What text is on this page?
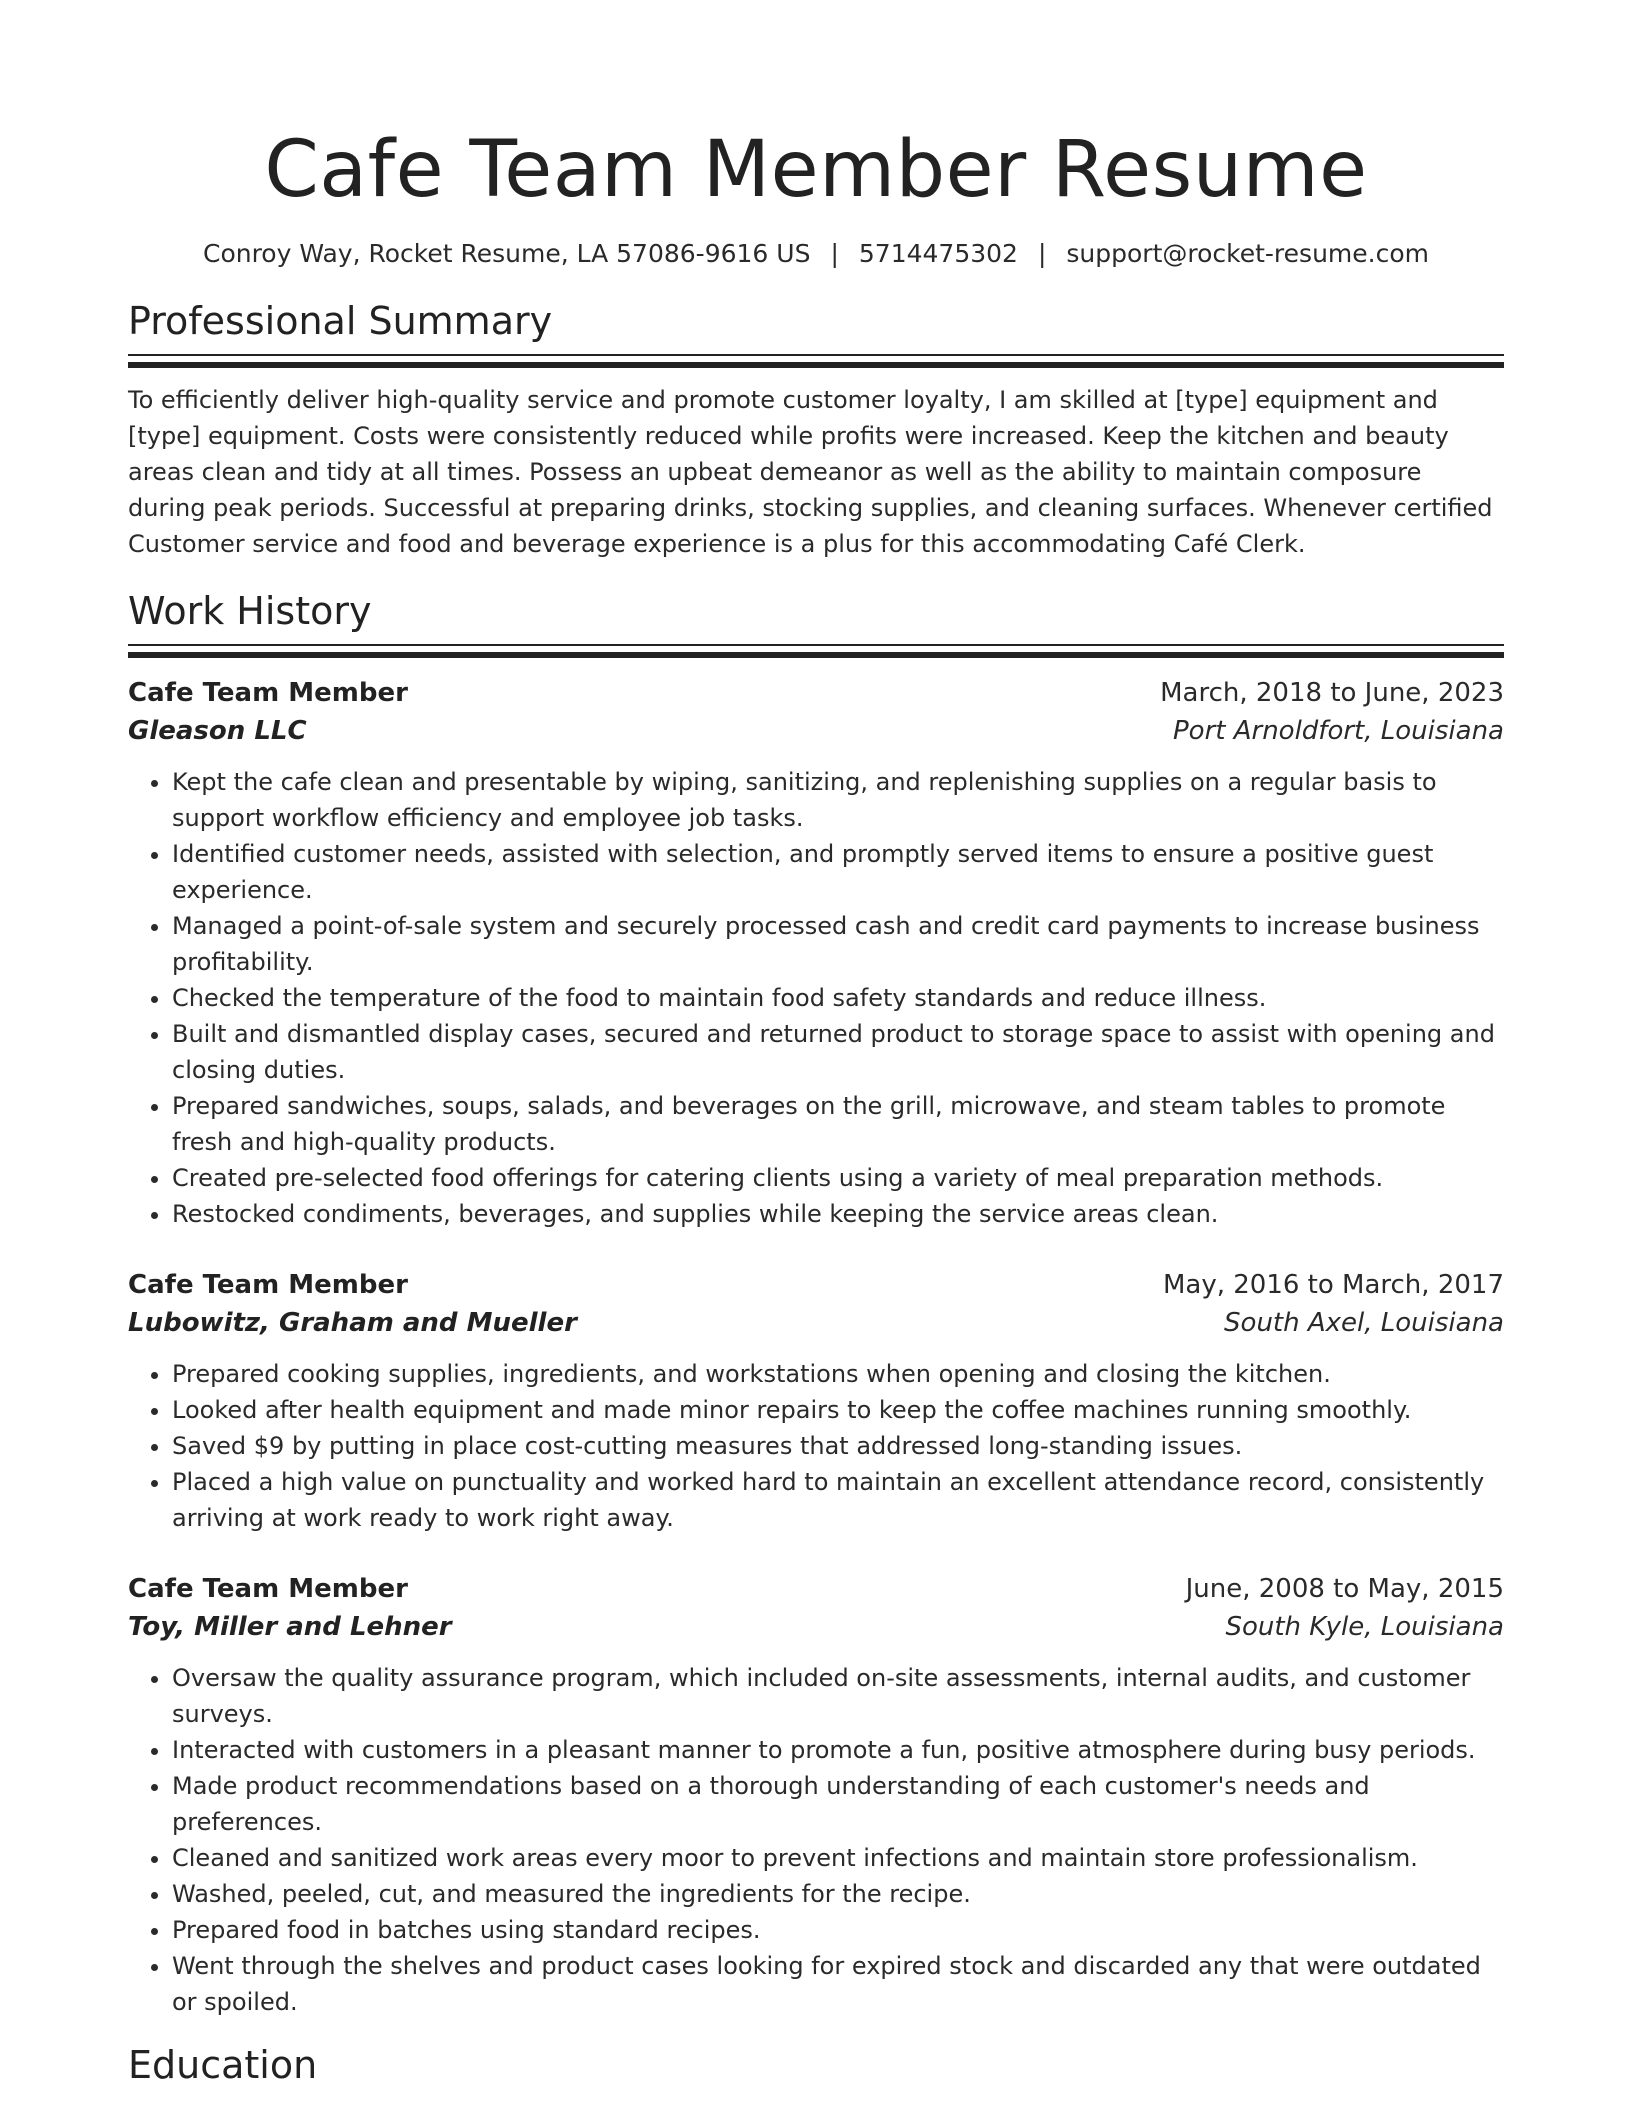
Cafe Team Member Resume
Conroy Way, Rocket Resume, LA 57086-9616 US | 5714475302 | support@rocket-resume.com
Professional Summary

To efficiently deliver high-quality service and promote customer loyalty, I am skilled at [type] equipment and [type] equipment. Costs were consistently reduced while profits were increased. Keep the kitchen and beauty areas clean and tidy at all times. Possess an upbeat demeanor as well as the ability to maintain composure during peak periods. Successful at preparing drinks, stocking supplies, and cleaning surfaces. Whenever certified Customer service and food and beverage experience is a plus for this accommodating Café Clerk.

Work History
Cafe Team Member	March, 2018 to June, 2023
Gleason LLC	Port Arnoldfort, Louisiana
• Kept the cafe clean and presentable by wiping, sanitizing, and replenishing supplies on a regular basis to support workflow efficiency and employee job tasks.
• Identified customer needs, assisted with selection, and promptly served items to ensure a positive guest experience.
• Managed a point-of-sale system and securely processed cash and credit card payments to increase business profitability.
• Checked the temperature of the food to maintain food safety standards and reduce illness.
• Built and dismantled display cases, secured and returned product to storage space to assist with opening and closing duties.
• Prepared sandwiches, soups, salads, and beverages on the grill, microwave, and steam tables to promote fresh and high-quality products.
• Created pre-selected food offerings for catering clients using a variety of meal preparation methods.
• Restocked condiments, beverages, and supplies while keeping the service areas clean.
Cafe Team Member	May, 2016 to March, 2017
Lubowitz, Graham and Mueller	South Axel, Louisiana
• Prepared cooking supplies, ingredients, and workstations when opening and closing the kitchen.
• Looked after health equipment and made minor repairs to keep the coffee machines running smoothly.
• Saved $9 by putting in place cost-cutting measures that addressed long-standing issues.
• Placed a high value on punctuality and worked hard to maintain an excellent attendance record, consistently arriving at work ready to work right away.
Cafe Team Member	June, 2008 to May, 2015
Toy, Miller and Lehner	South Kyle, Louisiana
• Oversaw the quality assurance program, which included on-site assessments, internal audits, and customer surveys.
• Interacted with customers in a pleasant manner to promote a fun, positive atmosphere during busy periods.
• Made product recommendations based on a thorough understanding of each customer's needs and preferences.
• Cleaned and sanitized work areas every moor to prevent infections and maintain store professionalism.
• Washed, peeled, cut, and measured the ingredients for the recipe.
• Prepared food in batches using standard recipes.
• Went through the shelves and product cases looking for expired stock and discarded any that were outdated or spoiled.
Education
